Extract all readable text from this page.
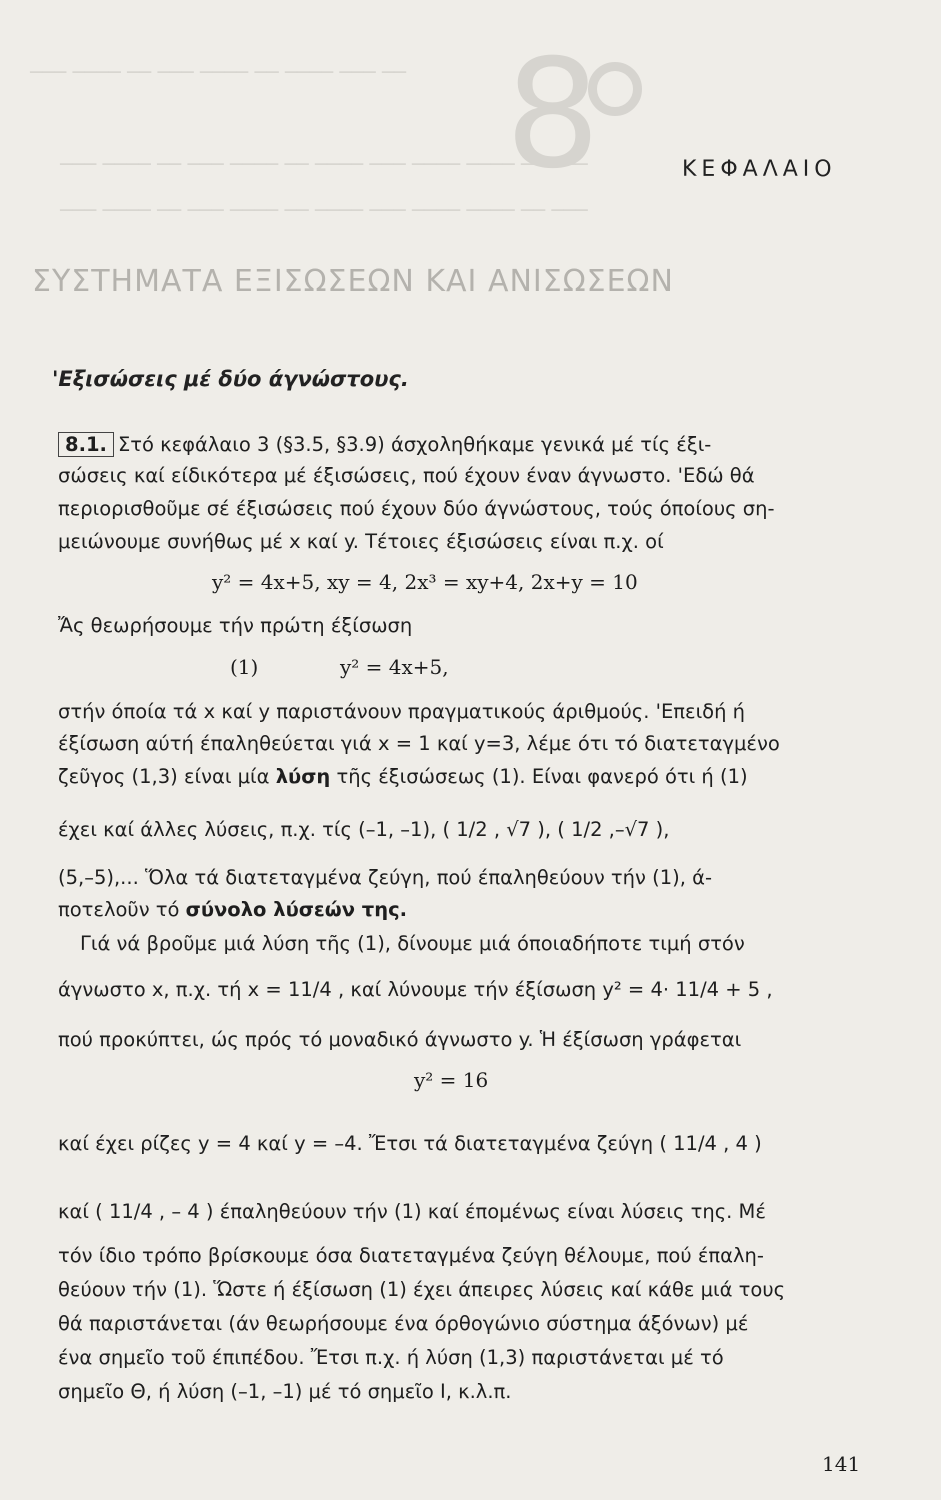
─── ──── ── ─── ──── ── ──── ─── ──
─── ──── ── ─── ──── ── ──── ─── ──── ──── ── ───
─── ──── ── ─── ──── ── ──── ─── ──── ──── ── ───
8	ΚΕΦΑΛΑΙΟ
ΣΥΣΤΗΜΑΤΑ ΕΞΙΣΩΣΕΩΝ ΚΑΙ ΑΝΙΣΩΣΕΩΝ
'Εξισώσεις μέ δύο άγνώστους.
8.1. Στό κεφάλαιο 3 (§3.5, §3.9) άσχοληθήκαμε γενικά μέ τίς έξι-
σώσεις καί είδικότερα μέ έξισώσεις, πού έχουν έναν άγνωστο. 'Εδώ θά
περιορισθοῦμε σέ έξισώσεις πού έχουν δύο άγνώστους, τούς όποίους ση-
μειώνουμε συνήθως μέ x καί y. Τέτοιες έξισώσεις είναι π.χ. οί
y² = 4x+5, xy = 4, 2x³ = xy+4, 2x+y = 10
Ἄς θεωρήσουμε τήν πρώτη έξίσωση
(1)	y² = 4x+5,
στήν όποία τά x καί y παριστάνουν πραγματικούς άριθμούς. 'Επειδή ή
έξίσωση αύτή έπαληθεύεται γιά x = 1 καί y=3, λέμε ότι τό διατεταγμένο
ζεῦγος (1,3) είναι μία λύση τῆς έξισώσεως (1). Είναι φανερό ότι ή (1)
έχει καί άλλες λύσεις, π.χ. τίς (–1, –1), ( 1/2 , √7 ), ( 1/2 ,–√7 ),
(5,–5),... Ὅλα τά διατεταγμένα ζεύγη, πού έπαληθεύουν τήν (1), ά-
ποτελοῦν τό σύνολο λύσεών της.
Γιά νά βροῦμε μιά λύση τῆς (1), δίνουμε μιά όποιαδήποτε τιμή στόν
άγνωστο x, π.χ. τή x = 11/4 , καί λύνουμε τήν έξίσωση y² = 4· 11/4 + 5 ,
πού προκύπτει, ώς πρός τό μοναδικό άγνωστο y. Ἡ έξίσωση γράφεται
y² = 16
καί έχει ρίζες y = 4 καί y = –4. Ἔτσι τά διατεταγμένα ζεύγη ( 11/4 , 4 )
καί ( 11/4 , – 4 ) έπαληθεύουν τήν (1) καί έπομένως είναι λύσεις της. Μέ
τόν ίδιο τρόπο βρίσκουμε όσα διατεταγμένα ζεύγη θέλουμε, πού έπαλη-
θεύουν τήν (1). Ὥστε ή έξίσωση (1) έχει άπειρες λύσεις καί κάθε μιά τους
θά παριστάνεται (άν θεωρήσουμε ένα όρθογώνιο σύστημα άξόνων) μέ
ένα σημεῖο τοῦ έπιπέδου. Ἔτσι π.χ. ή λύση (1,3) παριστάνεται μέ τό
σημεῖο Θ, ή λύση (–1, –1) μέ τό σημεῖο Ι, κ.λ.π.
141
